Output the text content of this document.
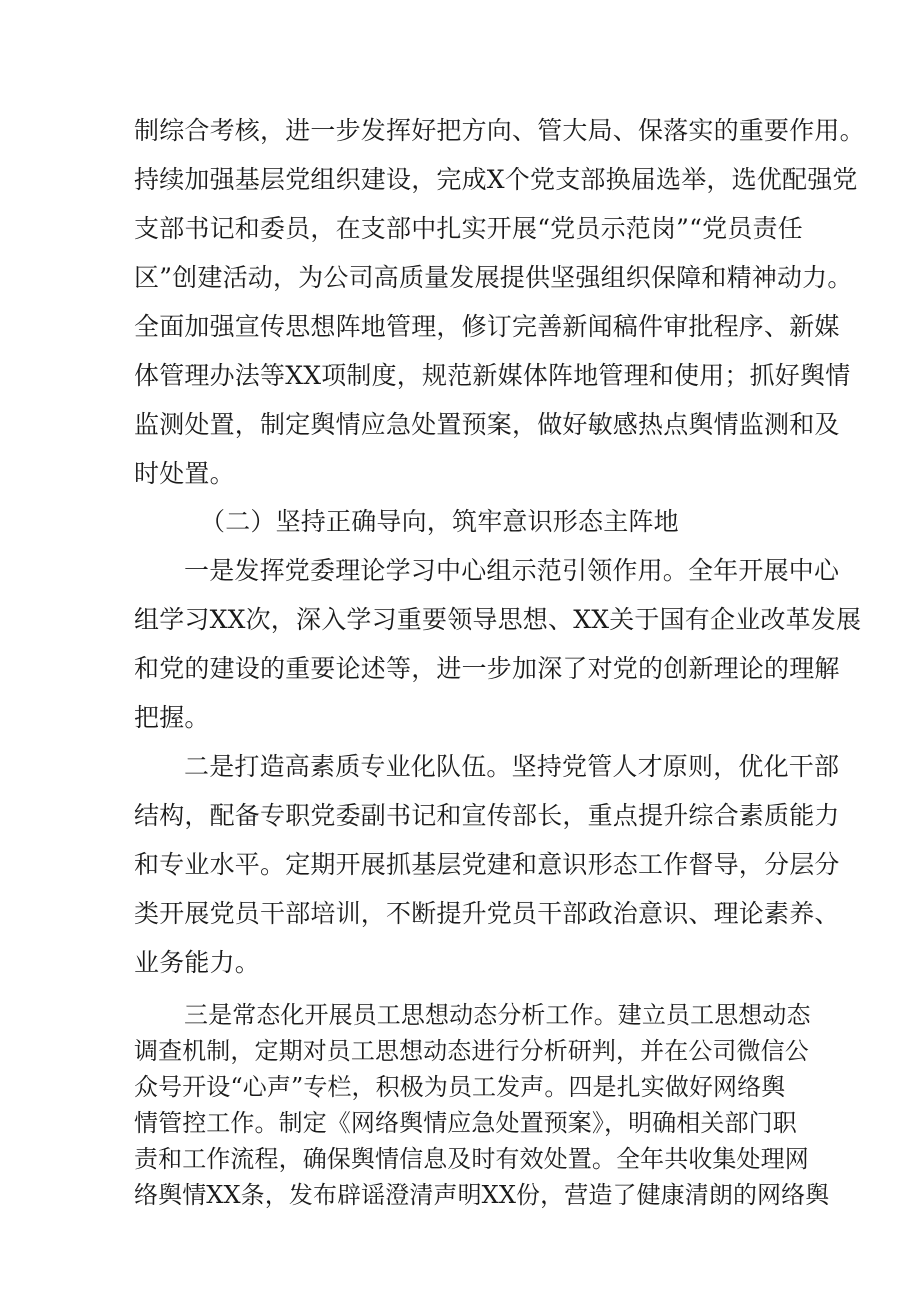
制综合考核，进一步发挥好把方向、管大局、保落实的重要作用。
持续加强基层党组织建设，完成X个党支部换届选举，选优配强党
支部书记和委员，在支部中扎实开展“党员示范岗”“党员责任
区”创建活动，为公司高质量发展提供坚强组织保障和精神动力。
全面加强宣传思想阵地管理，修订完善新闻稿件审批程序、新媒
体管理办法等XX项制度，规范新媒体阵地管理和使用；抓好舆情
监测处置，制定舆情应急处置预案，做好敏感热点舆情监测和及
时处置。
（二）坚持正确导向，筑牢意识形态主阵地
一是发挥党委理论学习中心组示范引领作用。全年开展中心
组学习XX次，深入学习重要领导思想、XX关于国有企业改革发展
和党的建设的重要论述等，进一步加深了对党的创新理论的理解
把握。
二是打造高素质专业化队伍。坚持党管人才原则，优化干部
结构，配备专职党委副书记和宣传部长，重点提升综合素质能力
和专业水平。定期开展抓基层党建和意识形态工作督导，分层分
类开展党员干部培训，不断提升党员干部政治意识、理论素养、
业务能力。
三是常态化开展员工思想动态分析工作。建立员工思想动态
调查机制，定期对员工思想动态进行分析研判，并在公司微信公
众号开设“心声”专栏，积极为员工发声。四是扎实做好网络舆
情管控工作。制定《网络舆情应急处置预案》，明确相关部门职
责和工作流程，确保舆情信息及时有效处置。全年共收集处理网
络舆情XX条，发布辟谣澄清声明XX份，营造了健康清朗的网络舆
